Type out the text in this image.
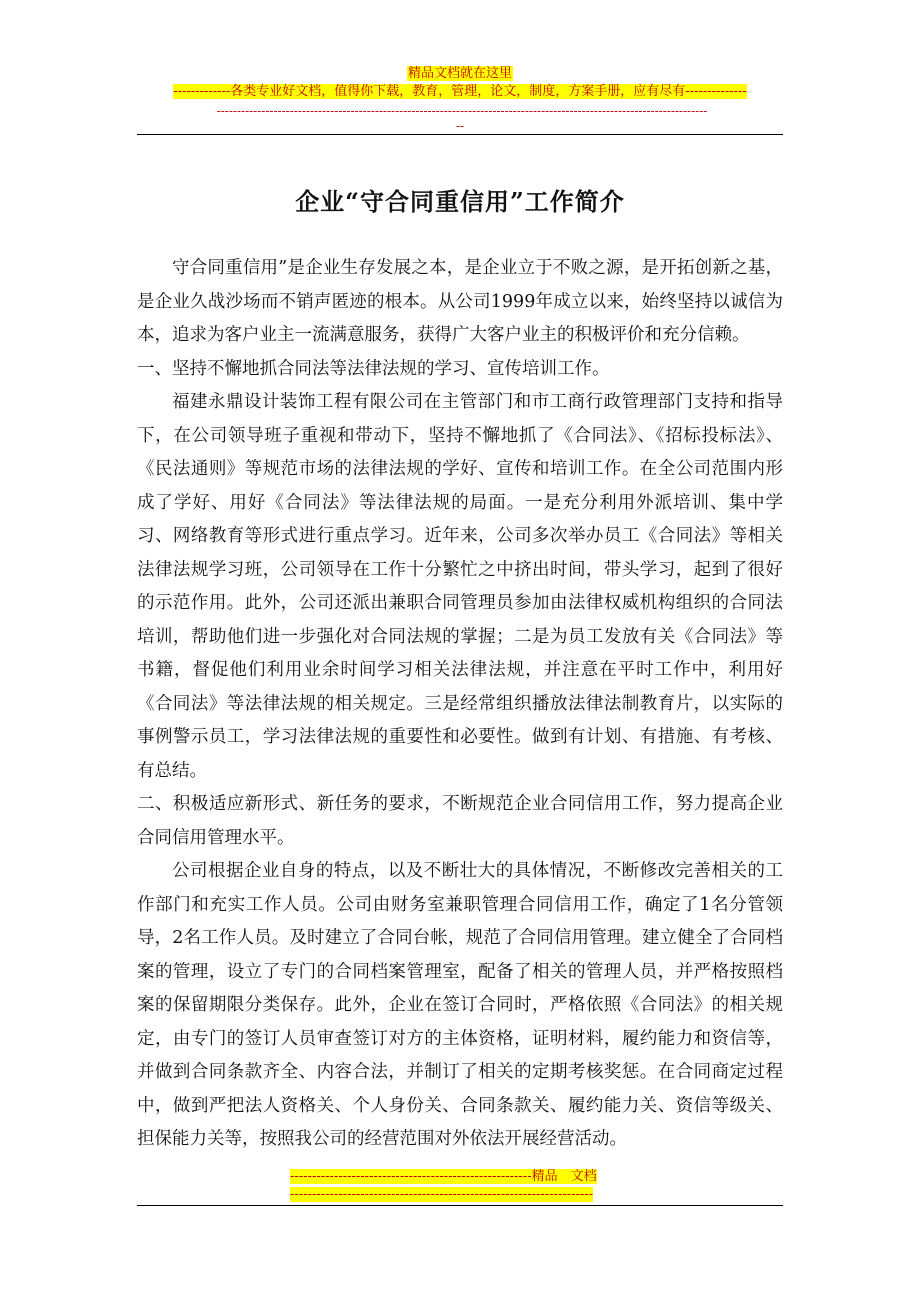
精品文档就在这里
-------------各类专业好文档，值得你下载，教育，管理，论文，制度，方案手册，应有尽有--------------
-------------------------------------------------------------------------------------------------------------------------
--
企业“守合同重信用”工作简介

守合同重信用”是企业生存发展之本，是企业立于不败之源，是开拓创新之基，是企业久战沙场而不销声匿迹的根本。从公司1999年成立以来，始终坚持以诚信为本，追求为客户业主一流满意服务，获得广大客户业主的积极评价和充分信赖。

一、坚持不懈地抓合同法等法律法规的学习、宣传培训工作。

福建永鼎设计装饰工程有限公司在主管部门和市工商行政管理部门支持和指导下，在公司领导班子重视和带动下，坚持不懈地抓了《合同法》、《招标投标法》、《民法通则》等规范市场的法律法规的学好、宣传和培训工作。在全公司范围内形成了学好、用好《合同法》等法律法规的局面。一是充分利用外派培训、集中学习、网络教育等形式进行重点学习。近年来，公司多次举办员工《合同法》等相关法律法规学习班，公司领导在工作十分繁忙之中挤出时间，带头学习，起到了很好的示范作用。此外，公司还派出兼职合同管理员参加由法律权威机构组织的合同法培训，帮助他们进一步强化对合同法规的掌握；二是为员工发放有关《合同法》等书籍，督促他们利用业余时间学习相关法律法规，并注意在平时工作中，利用好《合同法》等法律法规的相关规定。三是经常组织播放法律法制教育片，以实际的事例警示员工，学习法律法规的重要性和必要性。做到有计划、有措施、有考核、有总结。

二、积极适应新形式、新任务的要求，不断规范企业合同信用工作，努力提高企业合同信用管理水平。

公司根据企业自身的特点，以及不断壮大的具体情况，不断修改完善相关的工作部门和充实工作人员。公司由财务室兼职管理合同信用工作，确定了1名分管领导，2名工作人员。及时建立了合同台帐，规范了合同信用管理。建立健全了合同档案的管理，设立了专门的合同档案管理室，配备了相关的管理人员，并严格按照档案的保留期限分类保存。此外，企业在签订合同时，严格依照《合同法》的相关规定，由专门的签订人员审查签订对方的主体资格，证明材料，履约能力和资信等，并做到合同条款齐全、内容合法，并制订了相关的定期考核奖惩。在合同商定过程中，做到严把法人资格关、个人身份关、合同条款关、履约能力关、资信等级关、担保能力关等，按照我公司的经营范围对外依法开展经营活动。

-------------------------------------------------------精品　文档
---------------------------------------------------------------------
